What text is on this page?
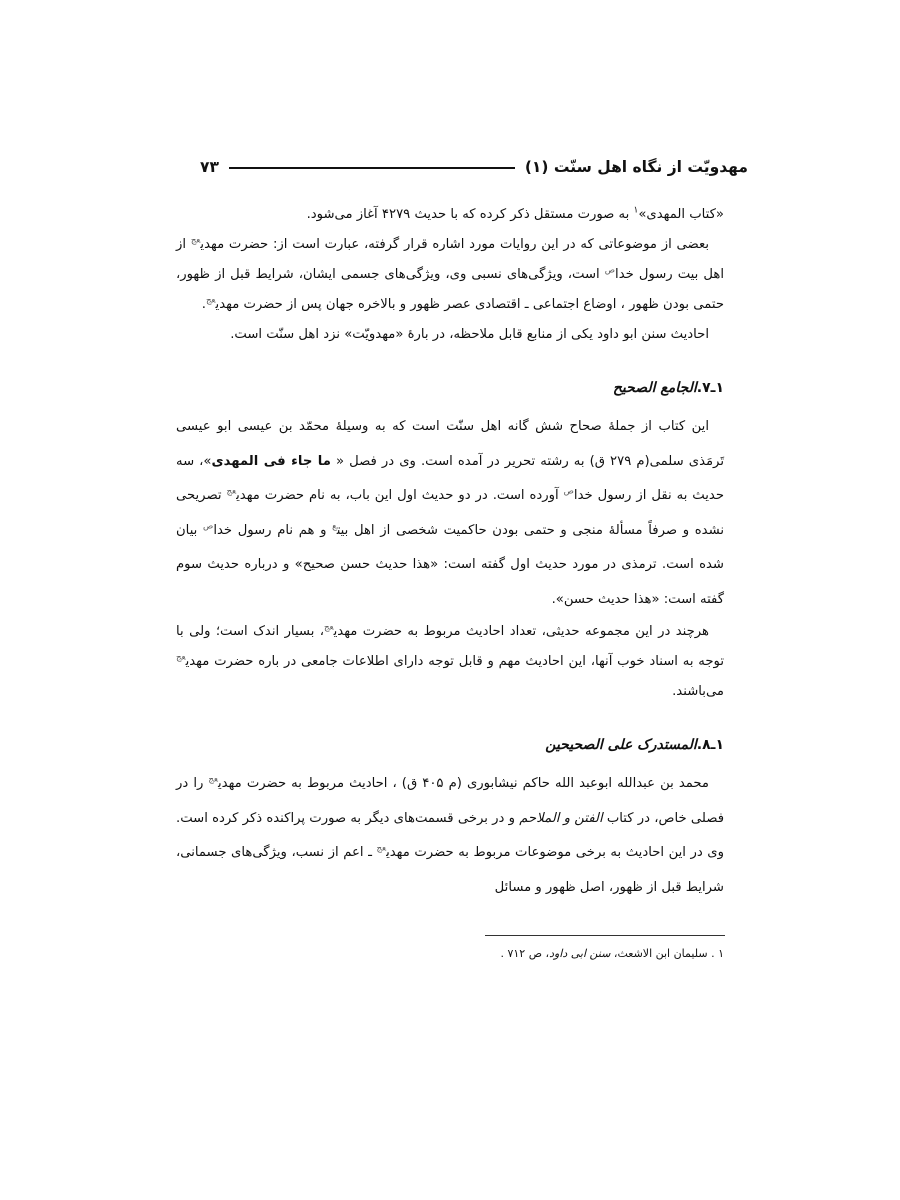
مهدویّت از نگاه اهل سنّت (۱)
۷۳

«کتاب المهدی»$^۱$ به صورت مستقل ذکر کرده که با حدیث ۴۲۷۹ آغاز می‌شود.

بعضی از موضوعاتی که در این روایات مورد اشاره قرار گرفته، عبارت است از: حضرت مهدی$^{عج}$ از اهل بیت رسول خدا$^ص$ است، ویژگی‌های نسبی وی، ویژگی‌های جسمی ایشان، شرایط قبل از ظهور، حتمی بودن ظهور ، اوضاع اجتماعی ـ اقتصادی عصر ظهور و بالاخره جهان پس از حضرت مهدی$^{عج}$.

احادیث سنن ابو داود یکی از منابع قابل ملاحظه، در بارۀ «مهدویّت» نزد اهل سنّت است.

۱ـ۷.الجامع الصحیح

این کتاب از جملۀ صحاح شش گانه اهل سنّت است که به وسیلۀ محمّد بن عیسی ابو عیسی تَرمَذی سلمی(م ۲۷۹ ق) به رشته تحریر در آمده است. وی در فصل « ما جاء فی المهدی»، سه حدیث به نقل از رسول خدا$^ص$ آورده است. در دو حدیث اول این باب، به نام حضرت مهدی$^{عج}$ تصریحی نشده و صرفاً مسألۀ منجی و حتمی بودن حاکمیت شخصی از اهل بیت$^ع$ و هم نام رسول خدا$^ص$ بیان شده است. ترمذی در مورد حدیث اول گفته است: «هذا حدیث حسن صحیح» و درباره حدیث سوم گفته است: «هذا حدیث حسن».

هرچند در این مجموعه حدیثی، تعداد احادیث مربوط به حضرت مهدی$^{عج}$، بسیار اندک است؛ ولی با توجه به اسناد خوب آنها، این احادیث مهم و قابل توجه دارای اطلاعات جامعی در باره حضرت مهدی$^{عج}$ می‌باشند.

۱ـ۸.المستدرک علی الصحیحین

محمد بن عبدالله ابوعبد الله حاکم نیشابوری (م ۴۰۵ ق) ، احادیث مربوط به حضرت مهدی$^{عج}$ را در فصلی خاص، در کتاب الفتن و الملاحم و در برخی قسمت‌های دیگر به صورت پراکنده ذکر کرده است. وی در این احادیث به برخی موضوعات مربوط به حضرت مهدی$^{عج}$ ـ اعم از نسب، ویژگی‌های جسمانی، شرایط قبل از ظهور، اصل ظهور و مسائل

۱ . سلیمان ابن الاشعث، سنن ابی داود، ص ۷۱۲ .
